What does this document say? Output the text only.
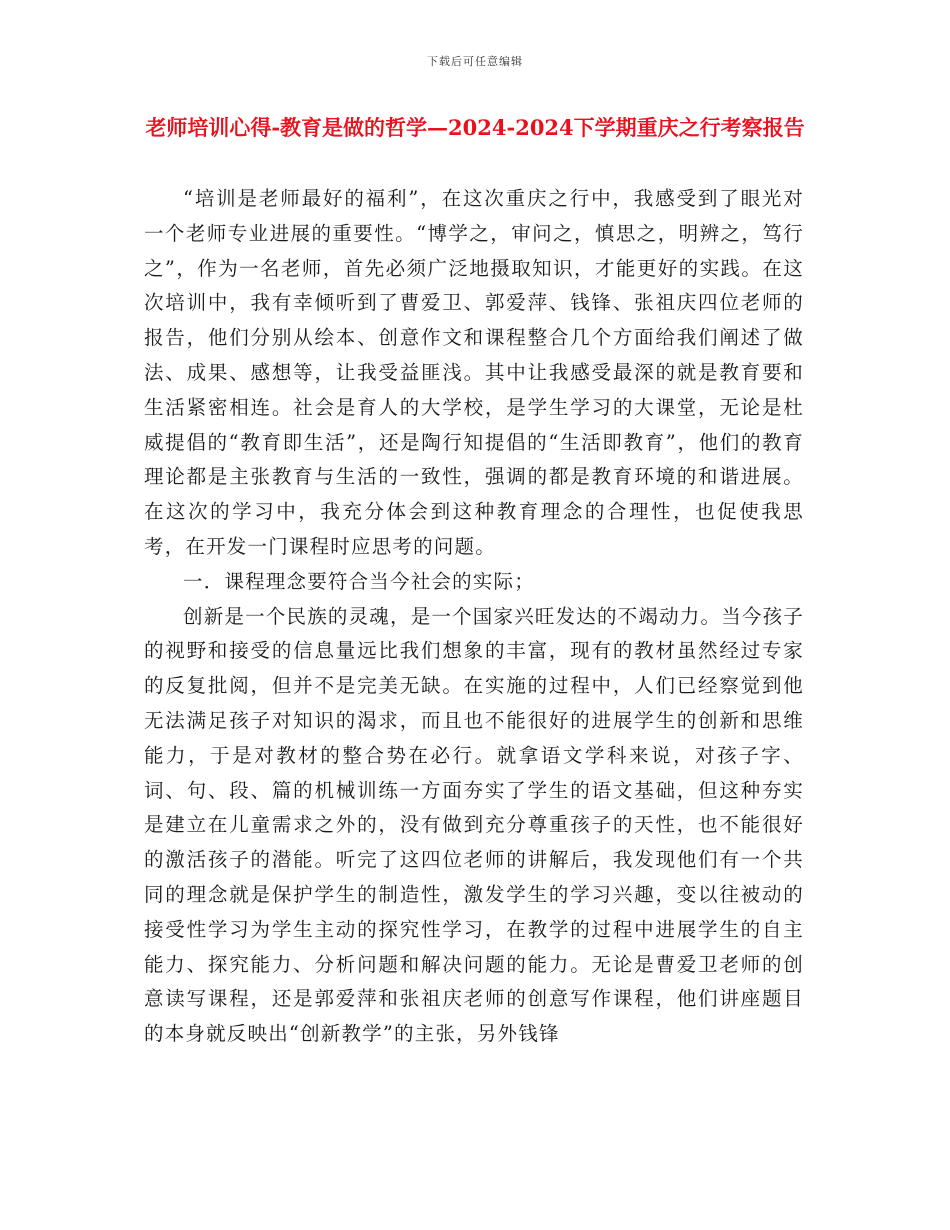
下载后可任意编辑
老师培训心得-教育是做的哲学—2024-2024下学期重庆之行考察报告

“培训是老师最好的福利”，在这次重庆之行中，我感受到了眼光对一个老师专业进展的重要性。“博学之，审问之，慎思之，明辨之，笃行之”，作为一名老师，首先必须广泛地摄取知识，才能更好的实践。在这次培训中，我有幸倾听到了曹爱卫、郭爱萍、钱锋、张祖庆四位老师的报告，他们分别从绘本、创意作文和课程整合几个方面给我们阐述了做法、成果、感想等，让我受益匪浅。其中让我感受最深的就是教育要和生活紧密相连。社会是育人的大学校，是学生学习的大课堂，无论是杜威提倡的“教育即生活”，还是陶行知提倡的“生活即教育”，他们的教育理论都是主张教育与生活的一致性，强调的都是教育环境的和谐进展。在这次的学习中，我充分体会到这种教育理念的合理性，也促使我思考，在开发一门课程时应思考的问题。

一．课程理念要符合当今社会的实际；

创新是一个民族的灵魂，是一个国家兴旺发达的不竭动力。当今孩子的视野和接受的信息量远比我们想象的丰富，现有的教材虽然经过专家的反复批阅，但并不是完美无缺。在实施的过程中，人们已经察觉到他无法满足孩子对知识的渴求，而且也不能很好的进展学生的创新和思维能力，于是对教材的整合势在必行。就拿语文学科来说，对孩子字、词、句、段、篇的机械训练一方面夯实了学生的语文基础，但这种夯实是建立在儿童需求之外的，没有做到充分尊重孩子的天性，也不能很好的激活孩子的潜能。听完了这四位老师的讲解后，我发现他们有一个共同的理念就是保护学生的制造性，激发学生的学习兴趣，变以往被动的接受性学习为学生主动的探究性学习，在教学的过程中进展学生的自主能力、探究能力、分析问题和解决问题的能力。无论是曹爱卫老师的创意读写课程，还是郭爱萍和张祖庆老师的创意写作课程，他们讲座题目的本身就反映出“创新教学”的主张，另外钱锋
